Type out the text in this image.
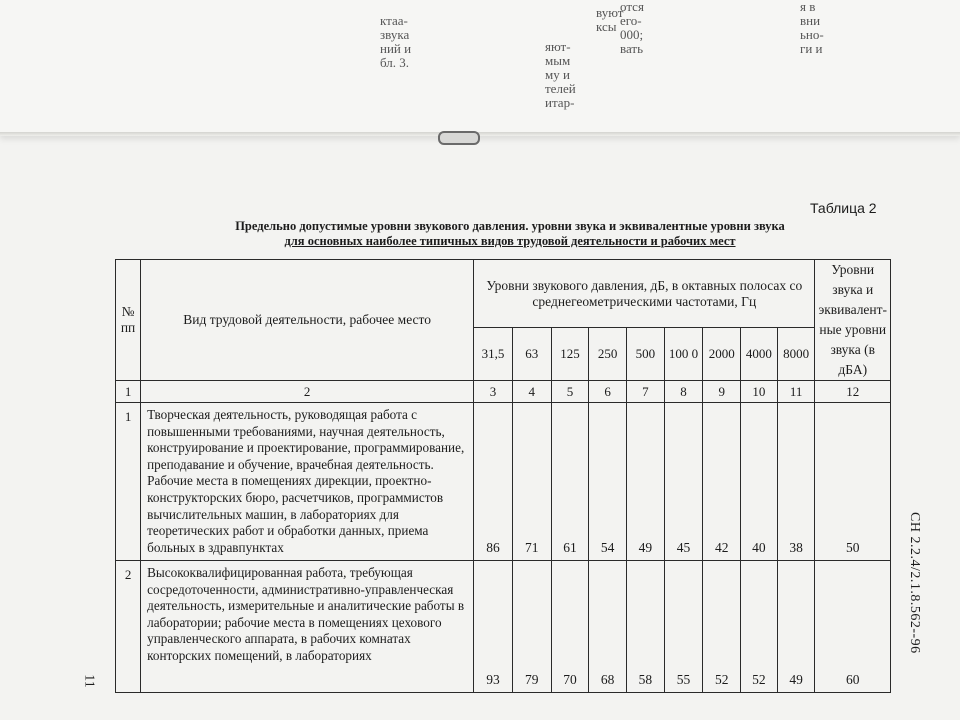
я в
вни
ьно-
ги и
отся
его-
000;
вать
яют-
мым
му и
телей
итар-
ктаа-
звука
ний и
бл. 3.
вуют
ксы
Таблица 2
Предельно допустимые уровни звукового давления. уровни звука и эквивалентные уровни звука
для основных наиболее типичных видов трудовой деятельности и рабочих мест
№ пп	Вид трудовой деятельности, рабочее место	Уровни звукового давления, дБ, в октавных полосах со среднегеометрическими частотами, Гц									Уровни звука и эквивалент-ные уровни звука (в дБА)
		31,5	63	125	250	500	100 0	2000	4000	8000	
1	2	3	4	5	6	7	8	9	10	11	12
1	Творческая деятельность, руководящая работа с повышенными требованиями, научная деятельность, конструирование и проектирование, программирование, преподавание и обучение, врачебная деятельность. Рабочие места в помещениях дирекции, проектно-конструкторских бюро, расчетчиков, программистов вычислительных машин, в лабораториях для теоретических работ и обработки данных, приема больных в здравпунктах	86	71	61	54	49	45	42	40	38	50
2	Высококвалифицированная работа, требующая сосредоточенности, административно-управленческая деятельность, измерительные и аналитические работы в лаборатории; рабочие места в помещениях цехового управленческого аппарата, в рабочих комнатах конторских помещений, в лабораториях	93	79	70	68	58	55	52	52	49	60
СН 2.2.4/2.1.8.562--96
11
